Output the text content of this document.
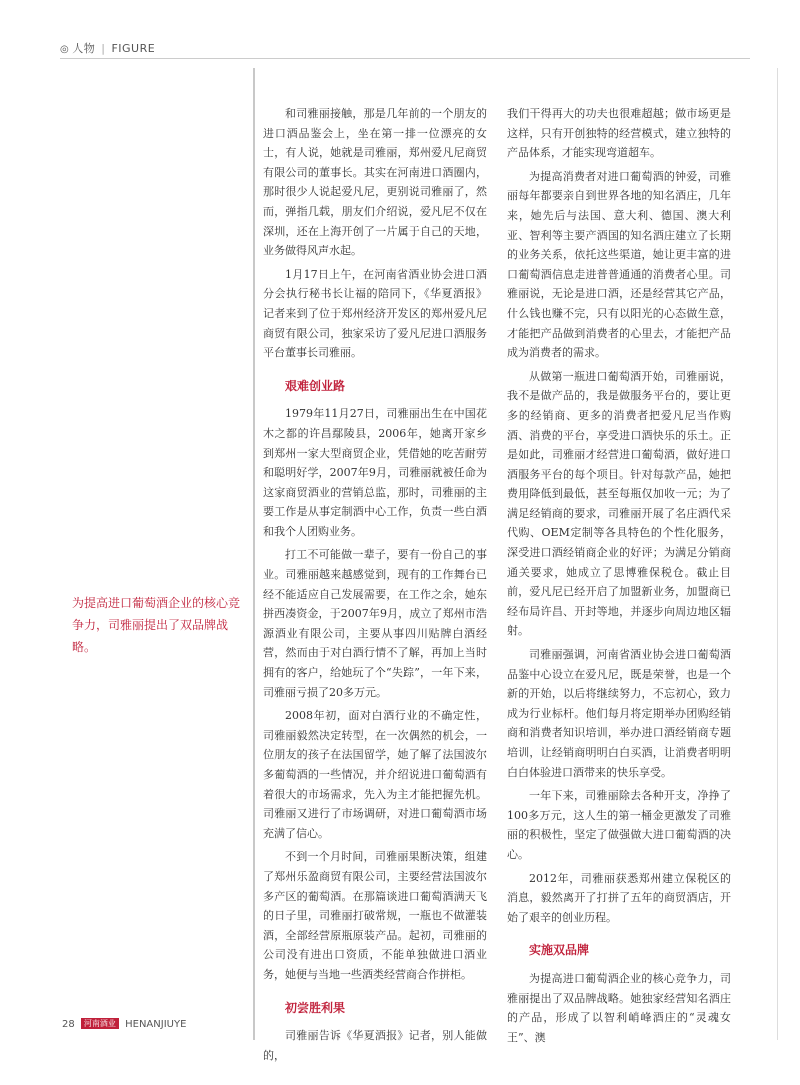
◎ 人物 | FIGURE
为提高进口葡萄酒企业的核心竞争力，司雅丽提出了双品牌战略。

和司雅丽接触，那是几年前的一个朋友的进口酒品鉴会上，坐在第一排一位漂亮的女士，有人说，她就是司雅丽，郑州爱凡尼商贸有限公司的董事长。其实在河南进口酒圈内，那时很少人说起爱凡尼，更别说司雅丽了，然而，弹指几载，朋友们介绍说，爱凡尼不仅在深圳，还在上海开创了一片属于自己的天地，业务做得风声水起。

1月17日上午，在河南省酒业协会进口酒分会执行秘书长让福的陪同下，《华夏酒报》记者来到了位于郑州经济开发区的郑州爱凡尼商贸有限公司，独家采访了爱凡尼进口酒服务平台董事长司雅丽。

艰难创业路

1979年11月27日，司雅丽出生在中国花木之都的许昌鄢陵县，2006年，她离开家乡到郑州一家大型商贸企业，凭借她的吃苦耐劳和聪明好学，2007年9月，司雅丽就被任命为这家商贸酒业的营销总监，那时，司雅丽的主要工作是从事定制酒中心工作，负责一些白酒和我个人团购业务。

打工不可能做一辈子，要有一份自己的事业。司雅丽越来越感觉到，现有的工作舞台已经不能适应自己发展需要，在工作之余，她东拼西凑资金，于2007年9月，成立了郑州市浩源酒业有限公司，主要从事四川贴牌白酒经营，然而由于对白酒行情不了解，再加上当时拥有的客户，给她玩了个“失踪”，一年下来，司雅丽亏损了20多万元。

2008年初，面对白酒行业的不确定性，司雅丽毅然决定转型，在一次偶然的机会，一位朋友的孩子在法国留学，她了解了法国波尔多葡萄酒的一些情况，并介绍说进口葡萄酒有着很大的市场需求，先入为主才能把握先机。司雅丽又进行了市场调研，对进口葡萄酒市场充满了信心。

不到一个月时间，司雅丽果断决策，组建了郑州乐盈商贸有限公司，主要经营法国波尔多产区的葡萄酒。在那篇谈进口葡萄酒满天飞的日子里，司雅丽打破常规，一瓶也不做灌装酒，全部经营原瓶原装产品。起初，司雅丽的公司没有进出口资质，不能单独做进口酒业务，她便与当地一些酒类经营商合作拼柜。

初尝胜利果

司雅丽告诉《华夏酒报》记者，别人能做的，

我们干得再大的功夫也很难超越；做市场更是这样，只有开创独特的经营模式，建立独特的产品体系，才能实现弯道超车。

为提高消费者对进口葡萄酒的钟爱，司雅丽每年都要亲自到世界各地的知名酒庄，几年来，她先后与法国、意大利、德国、澳大利亚、智利等主要产酒国的知名酒庄建立了长期的业务关系，依托这些渠道，她让更丰富的进口葡萄酒信息走进普普通通的消费者心里。司雅丽说，无论是进口酒，还是经营其它产品，什么钱也赚不完，只有以阳光的心态做生意，才能把产品做到消费者的心里去，才能把产品成为消费者的需求。

从做第一瓶进口葡萄酒开始，司雅丽说，我不是做产品的，我是做服务平台的，要让更多的经销商、更多的消费者把爱凡尼当作购酒、消费的平台，享受进口酒快乐的乐土。正是如此，司雅丽才经营进口葡萄酒，做好进口酒服务平台的每个项目。针对每款产品，她把费用降低到最低，甚至每瓶仅加收一元；为了满足经销商的要求，司雅丽开展了名庄酒代采代购、OEM定制等各具特色的个性化服务，深受进口酒经销商企业的好评；为满足分销商通关要求，她成立了思博雅保税仓。截止目前，爱凡尼已经开启了加盟新业务，加盟商已经布局许昌、开封等地，并逐步向周边地区辐射。

司雅丽强调，河南省酒业协会进口葡萄酒品鉴中心设立在爱凡尼，既是荣誉，也是一个新的开始，以后将继续努力，不忘初心，致力成为行业标杆。他们每月将定期举办团购经销商和消费者知识培训，举办进口酒经销商专题培训，让经销商明明白白买酒，让消费者明明白白体验进口酒带来的快乐享受。

一年下来，司雅丽除去各种开支，净挣了100多万元，这人生的第一桶金更激发了司雅丽的积极性，坚定了做强做大进口葡萄酒的决心。

2012年，司雅丽获悉郑州建立保税区的消息，毅然离开了打拼了五年的商贸酒店，开始了艰辛的创业历程。

实施双品牌

为提高进口葡萄酒企业的核心竞争力，司雅丽提出了双品牌战略。她独家经营知名酒庄的产品，形成了以智利峭峰酒庄的“灵魂女王”、澳

28 河南酒业 HENANJIUYE
